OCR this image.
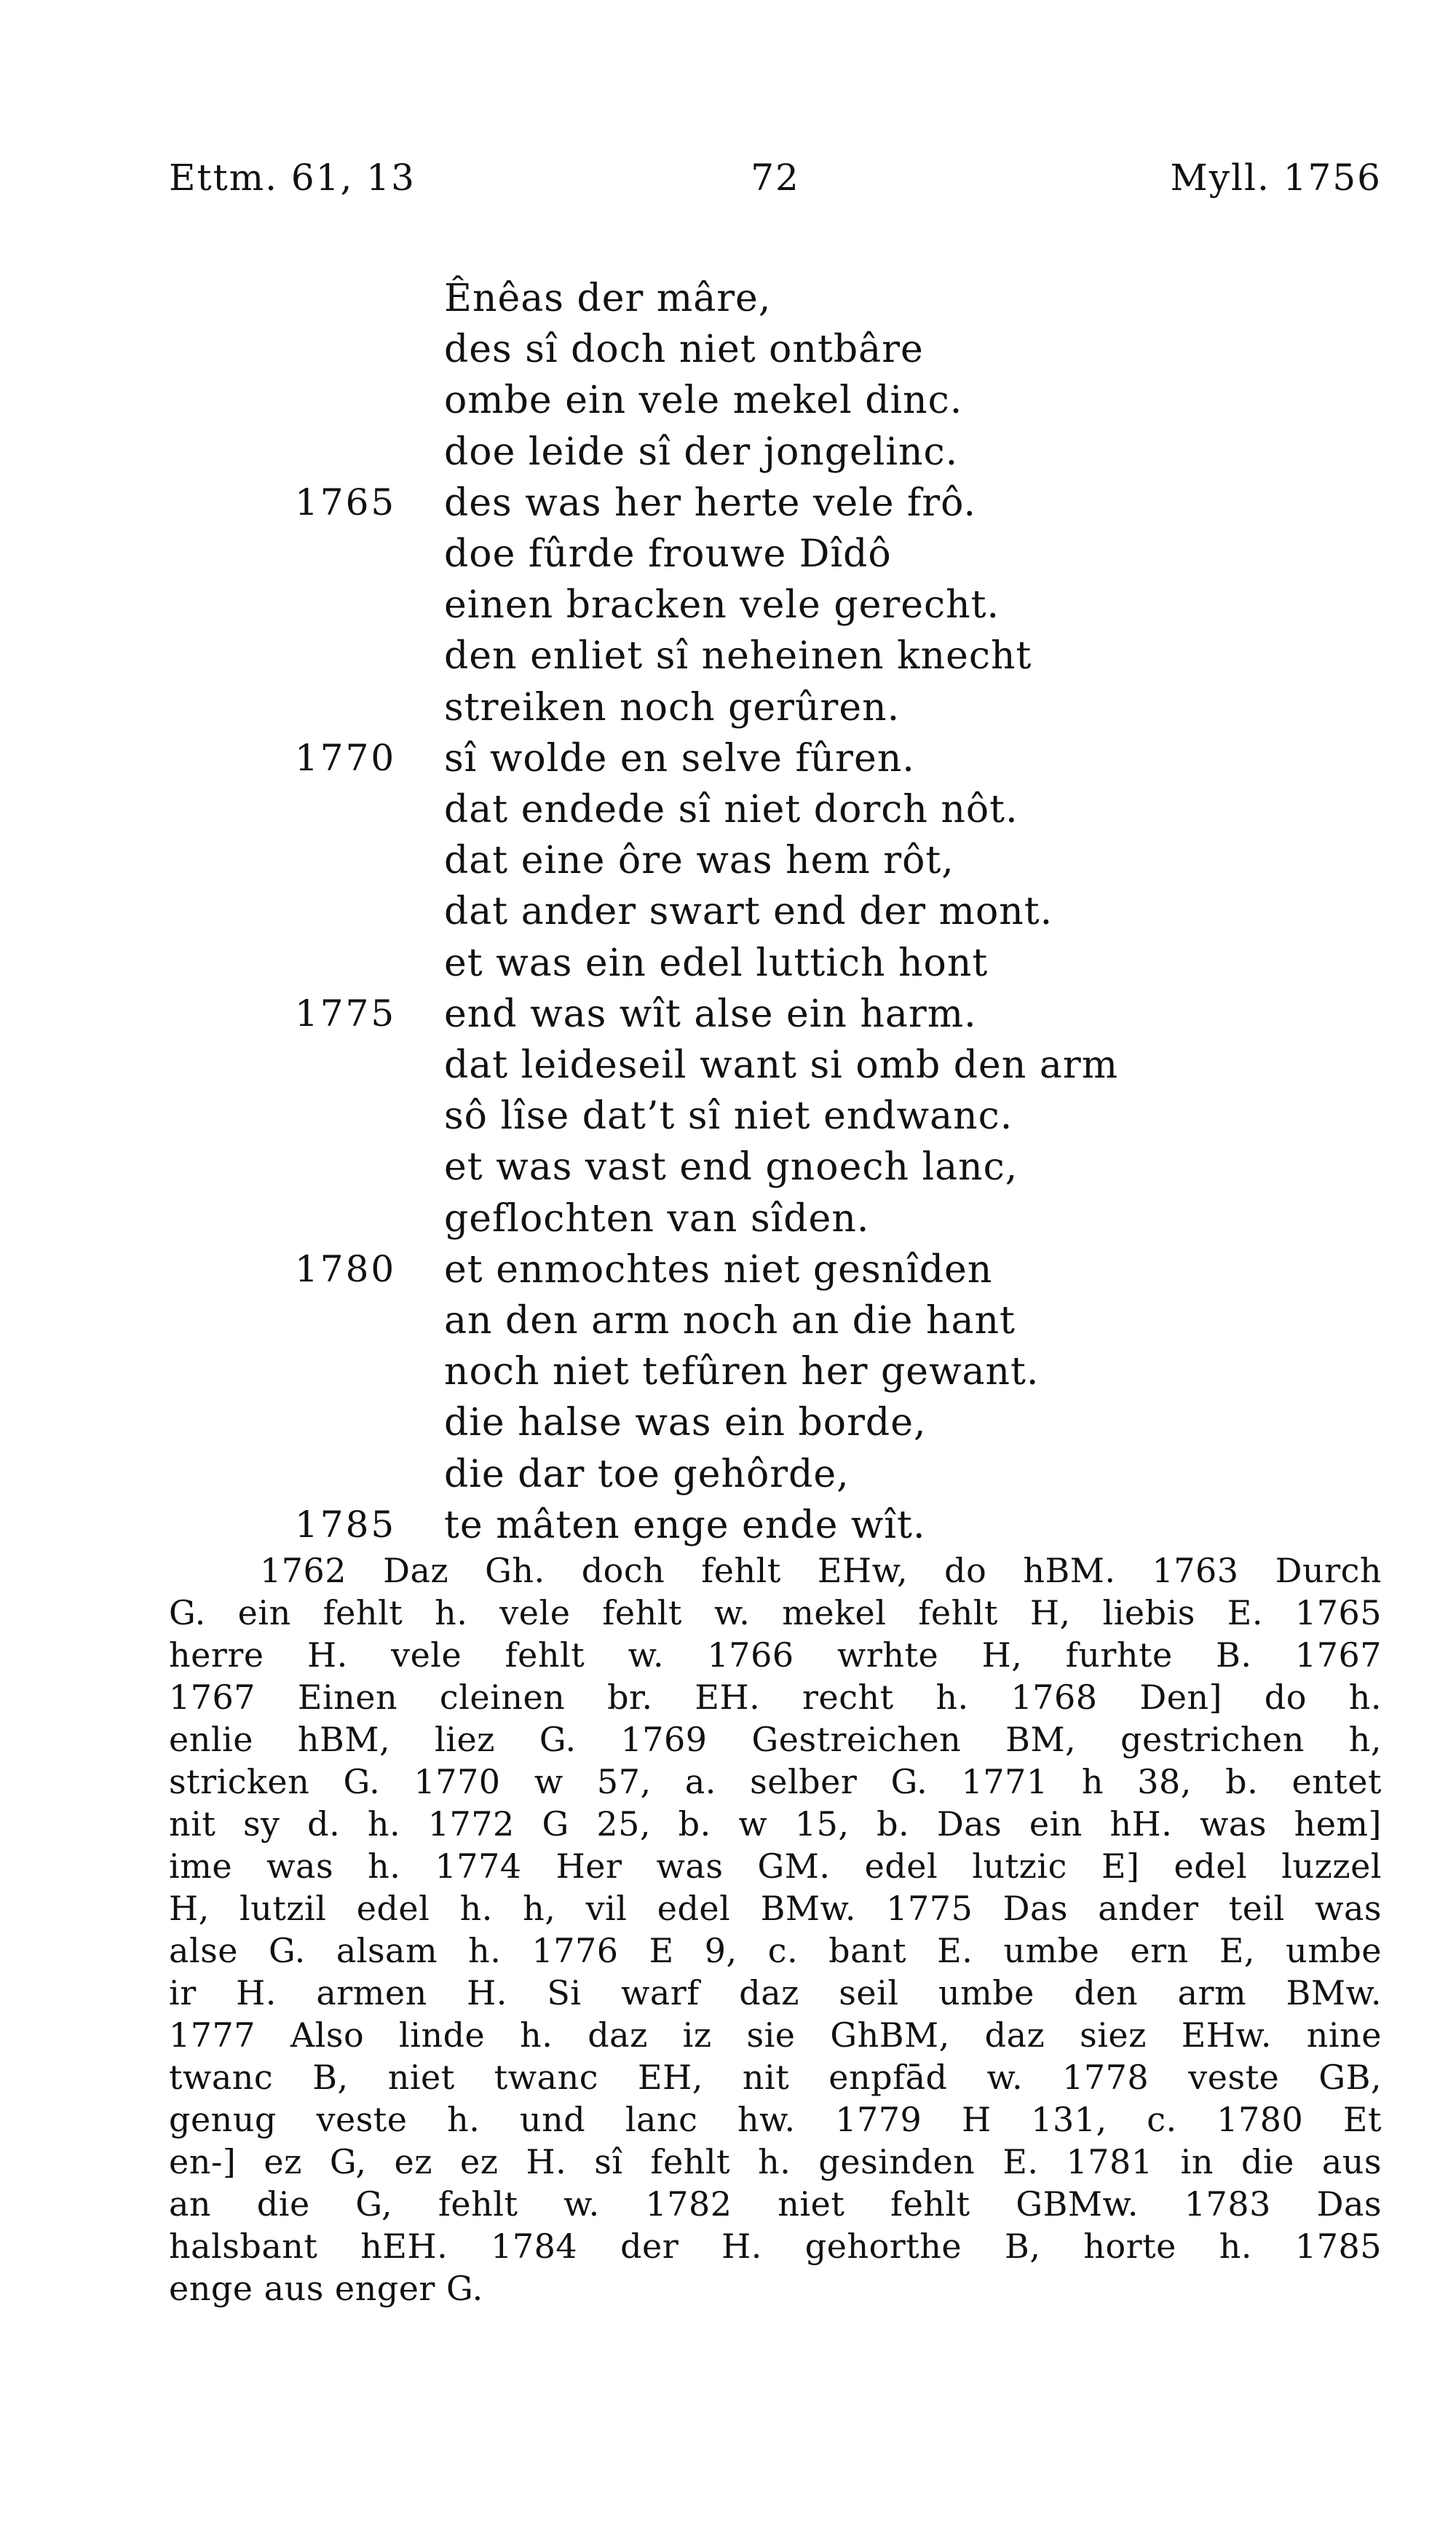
Ettm. 61, 13	72	Myll. 1756
Ênêas der mâre,
des sî doch niet ontbâre
ombe ein vele mekel dinc.
doe leide sî der jongelinc.
1765 des was her herte vele frô.
doe fûrde frouwe Dîdô
einen bracken vele gerecht.
den enliet sî neheinen knecht
streiken noch gerûren.
1770 sî wolde en selve fûren.
dat endede sî niet dorch nôt.
dat eine ôre was hem rôt,
dat ander swart end der mont.
et was ein edel luttich hont
1775 end was wît alse ein harm.
dat leideseil want si omb den arm
sô lîse dat’t sî niet endwanc.
et was vast end gnoech lanc,
geflochten van sîden.
1780 et enmochtes niet gesnîden
an den arm noch an die hant
noch niet tefûren her gewant.
die halse was ein borde,
die dar toe gehôrde,
1785 te mâten enge ende wît.
1762 Daz Gh. doch fehlt EHw, do hBM. 1763 Durch
G. ein fehlt h. vele fehlt w. mekel fehlt H, liebis E. 1765
herre H. vele fehlt w. 1766 wrhte H, furhte B. 1767
1767 Einen cleinen br. EH. recht h. 1768 Den] do h.
enlie hBM, liez G. 1769 Gestreichen BM, gestrichen h,
stricken G. 1770 w 57, a. selber G. 1771 h 38, b. entet
nit sy d. h. 1772 G 25, b. w 15, b. Das ein hH. was hem]
ime was h. 1774 Her was GM. edel lutzic E] edel luzzel
H, lutzil edel h. h, vil edel BMw. 1775 Das ander teil was
alse G. alsam h. 1776 E 9, c. bant E. umbe ern E, umbe
ir H. armen H. Si warf daz seil umbe den arm BMw.
1777 Also linde h. daz iz sie GhBM, daz siez EHw. nine
twanc B, niet twanc EH, nit enpfād w. 1778 veste GB,
genug veste h. und lanc hw. 1779 H 131, c. 1780 Et
en-] ez G, ez ez H. sî fehlt h. gesinden E. 1781 in die aus
an die G, fehlt w. 1782 niet fehlt GBMw. 1783 Das
halsbant hEH. 1784 der H. gehorthe B, horte h. 1785
enge aus enger G.
